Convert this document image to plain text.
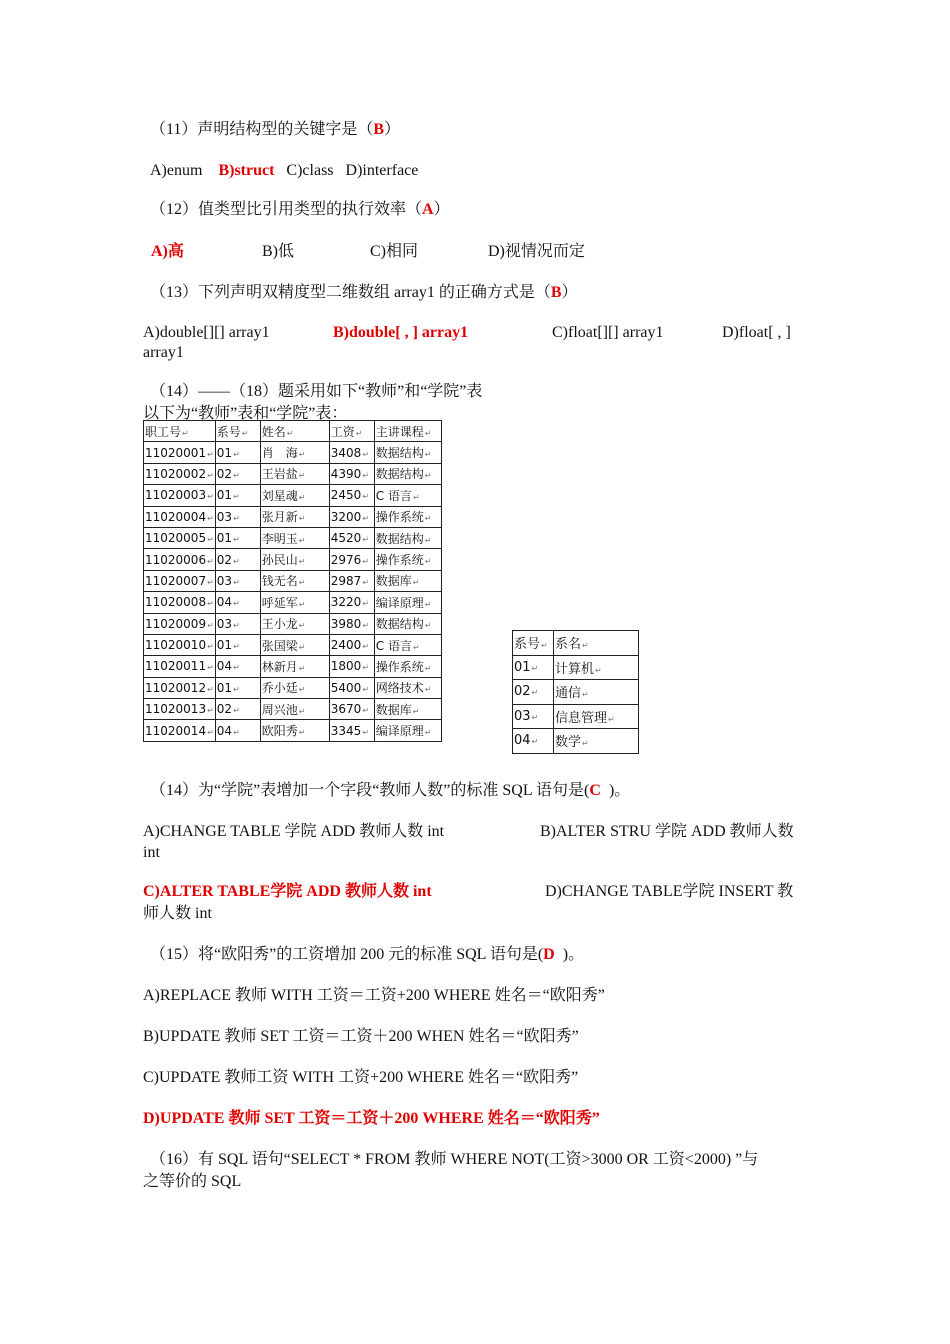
（11）声明结构型的关键字是（B）
A)enum B)struct C)class D)interface
（12）值类型比引用类型的执行效率（A）
A)高	B)低	C)相同	D)视情况而定
（13）下列声明双精度型二维数组 array1 的正确方式是（B）
A)double[][] array1	B)double[ , ] array1	C)float[][] array1	D)float[ , ]
array1
（14）——（18）题采用如下“教师”和“学院”表
以下为“教师”表和“学院”表：
职工号 ↵	系号 ↵	姓名 ↵	工资 ↵	主讲课程 ↵
11020001 ↵	01 ↵	肖　海 ↵	3408 ↵	数据结构 ↵
11020002 ↵	02 ↵	王岩盐 ↵	4390 ↵	数据结构 ↵
11020003 ↵	01 ↵	刘星魂 ↵	2450 ↵	C 语言 ↵
11020004 ↵	03 ↵	张月新 ↵	3200 ↵	操作系统 ↵
11020005 ↵	01 ↵	李明玉 ↵	4520 ↵	数据结构 ↵
11020006 ↵	02 ↵	孙民山 ↵	2976 ↵	操作系统 ↵
11020007 ↵	03 ↵	钱无名 ↵	2987 ↵	数据库 ↵
11020008 ↵	04 ↵	呼延军 ↵	3220 ↵	编译原理 ↵
11020009 ↵	03 ↵	王小龙 ↵	3980 ↵	数据结构 ↵
11020010 ↵	01 ↵	张国梁 ↵	2400 ↵	C 语言 ↵
11020011 ↵	04 ↵	林新月 ↵	1800 ↵	操作系统 ↵
11020012 ↵	01 ↵	乔小廷 ↵	5400 ↵	网络技术 ↵
11020013 ↵	02 ↵	周兴池 ↵	3670 ↵	数据库 ↵
11020014 ↵	04 ↵	欧阳秀 ↵	3345 ↵	编译原理 ↵
系号 ↵	系名 ↵
01 ↵	计算机 ↵
02 ↵	通信 ↵
03 ↵	信息管理 ↵
04 ↵	数学 ↵
（14）为“学院”表增加一个字段“教师人数”的标准 SQL 语句是(C )。
A)CHANGE TABLE 学院 ADD 教师人数 int	B)ALTER STRU 学院 ADD 教师人数
int
C)ALTER TABLE学院 ADD 教师人数 int	D)CHANGE TABLE学院 INSERT 教
师人数 int
（15）将“欧阳秀”的工资增加 200 元的标准 SQL 语句是(D )。
A)REPLACE 教师 WITH 工资＝工资+200 WHERE 姓名＝“欧阳秀”
B)UPDATE 教师 SET 工资＝工资＋200 WHEN 姓名＝“欧阳秀”
C)UPDATE 教师工资 WITH 工资+200 WHERE 姓名＝“欧阳秀”
D)UPDATE 教师 SET 工资＝工资＋200 WHERE 姓名＝“欧阳秀”
（16）有 SQL 语句“SELECT * FROM 教师 WHERE NOT(工资>3000 OR 工资<2000) ”与
之等价的 SQL
